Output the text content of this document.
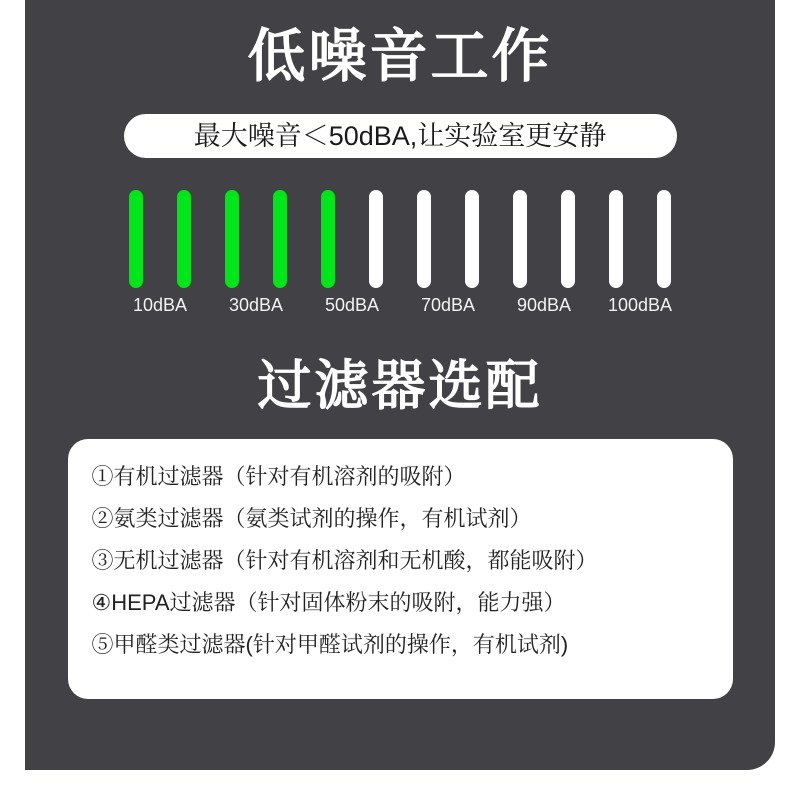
低噪音工作
最大噪音＜50dBA,让实验室更安静
10dBA	30dBA	50dBA	70dBA	90dBA	100dBA
过滤器选配
①有机过滤器（针对有机溶剂的吸附）
②氨类过滤器（氨类试剂的操作，有机试剂）
③无机过滤器（针对有机溶剂和无机酸，都能吸附）
④HEPA过滤器（针对固体粉末的吸附，能力强）
⑤甲醛类过滤器(针对甲醛试剂的操作，有机试剂)
